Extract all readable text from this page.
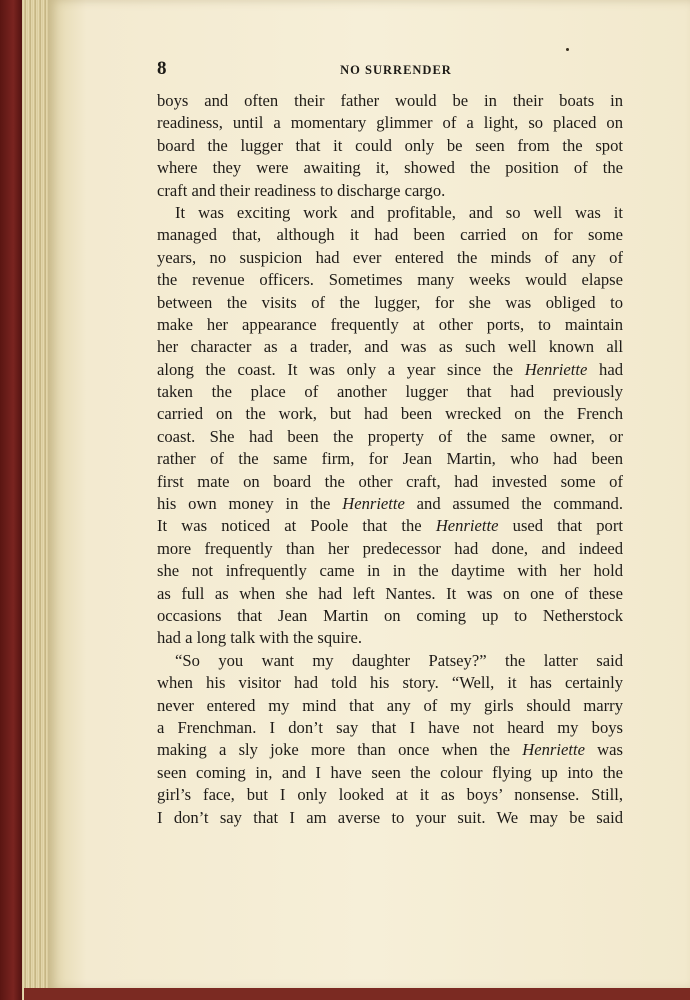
8	NO SURRENDER
boys and often their father would be in their boats in
readiness, until a momentary glimmer of a light, so placed on
board the lugger that it could only be seen from the spot
where they were awaiting it, showed the position of the
craft and their readiness to discharge cargo.
It was exciting work and profitable, and so well was it
managed that, although it had been carried on for some
years, no suspicion had ever entered the minds of any of
the revenue officers. Sometimes many weeks would elapse
between the visits of the lugger, for she was obliged to
make her appearance frequently at other ports, to maintain
her character as a trader, and was as such well known all
along the coast. It was only a year since the Henriette had
taken the place of another lugger that had previously
carried on the work, but had been wrecked on the French
coast. She had been the property of the same owner, or
rather of the same firm, for Jean Martin, who had been
first mate on board the other craft, had invested some of
his own money in the Henriette and assumed the command.
It was noticed at Poole that the Henriette used that port
more frequently than her predecessor had done, and indeed
she not infrequently came in in the daytime with her hold
as full as when she had left Nantes. It was on one of these
occasions that Jean Martin on coming up to Netherstock
had a long talk with the squire.
“So you want my daughter Patsey?” the latter said
when his visitor had told his story. “Well, it has certainly
never entered my mind that any of my girls should marry
a Frenchman. I don’t say that I have not heard my boys
making a sly joke more than once when the Henriette was
seen coming in, and I have seen the colour flying up into the
girl’s face, but I only looked at it as boys’ nonsense. Still,
I don’t say that I am averse to your suit. We may be said
